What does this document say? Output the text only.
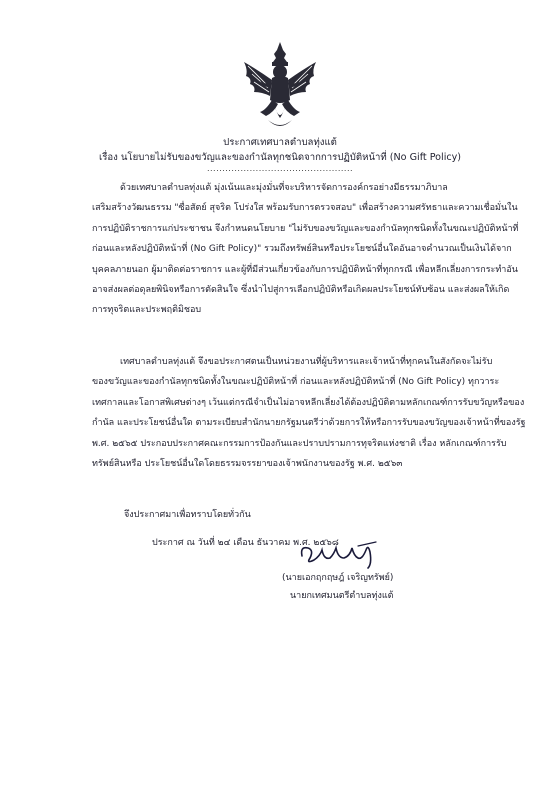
ประกาศเทศบาลตำบลทุ่งแต้
เรื่อง นโยบายไม่รับของขวัญและของกำนัลทุกชนิดจากการปฏิบัติหน้าที่ (No Gift Policy)
................................................

ด้วยเทศบาลตำบลทุ่งแต้ มุ่งเน้นและมุ่งมั่นที่จะบริหารจัดการองค์กรอย่างมีธรรมาภิบาล

เสริมสร้างวัฒนธรรม "ซื่อสัตย์ สุจริต โปร่งใส พร้อมรับการตรวจสอบ" เพื่อสร้างความศรัทธาและความเชื่อมั่นใน

การปฏิบัติราชการแก่ประชาชน จึงกำหนดนโยบาย "ไม่รับของขวัญและของกำนัลทุกชนิดทั้งในขณะปฏิบัติหน้าที่

ก่อนและหลังปฏิบัติหน้าที่ (No Gift Policy)" รวมถึงทรัพย์สินหรือประโยชน์อื่นใดอันอาจคำนวณเป็นเงินได้จาก

บุคคลภายนอก ผู้มาติดต่อราชการ และผู้ที่มีส่วนเกี่ยวข้องกับการปฏิบัติหน้าที่ทุกกรณี เพื่อหลีกเลี่ยงการกระทำอัน

อาจส่งผลต่อดุลยพินิจหรือการตัดสินใจ ซึ่งนำไปสู่การเลือกปฏิบัติหรือเกิดผลประโยชน์ทับซ้อน และส่งผลให้เกิด

การทุจริตและประพฤติมิชอบ

เทศบาลตำบลทุ่งแต้ จึงขอประกาศตนเป็นหน่วยงานที่ผู้บริหารและเจ้าหน้าที่ทุกคนในสังกัดจะไม่รับ

ของขวัญและของกำนัลทุกชนิดทั้งในขณะปฏิบัติหน้าที่ ก่อนและหลังปฏิบัติหน้าที่ (No Gift Policy) ทุกวาระ

เทศกาลและโอกาสพิเศษต่างๆ เว้นแต่กรณีจำเป็นไม่อาจหลีกเลี่ยงได้ต้องปฏิบัติตามหลักเกณฑ์การรับขวัญหรือของ

กำนัล และประโยชน์อื่นใด ตามระเบียบสำนักนายกรัฐมนตรีว่าด้วยการให้หรือการรับของขวัญของเจ้าหน้าที่ของรัฐ

พ.ศ. ๒๕๖๕ ประกอบประกาศคณะกรรมการป้องกันและปราบปรามการทุจริตแห่งชาติ เรื่อง หลักเกณฑ์การรับ

ทรัพย์สินหรือ ประโยชน์อื่นใดโดยธรรมจรรยาของเจ้าพนักงานของรัฐ พ.ศ. ๒๕๖๓

จึงประกาศมาเพื่อทราบโดยทั่วกัน
ประกาศ ณ วันที่ ๒๔ เดือน ธันวาคม พ.ศ. ๒๕๖๘
(นายเอกฤกฤษฎ์ เจริญทรัพย์)
นายกเทศมนตรีตำบลทุ่งแต้
